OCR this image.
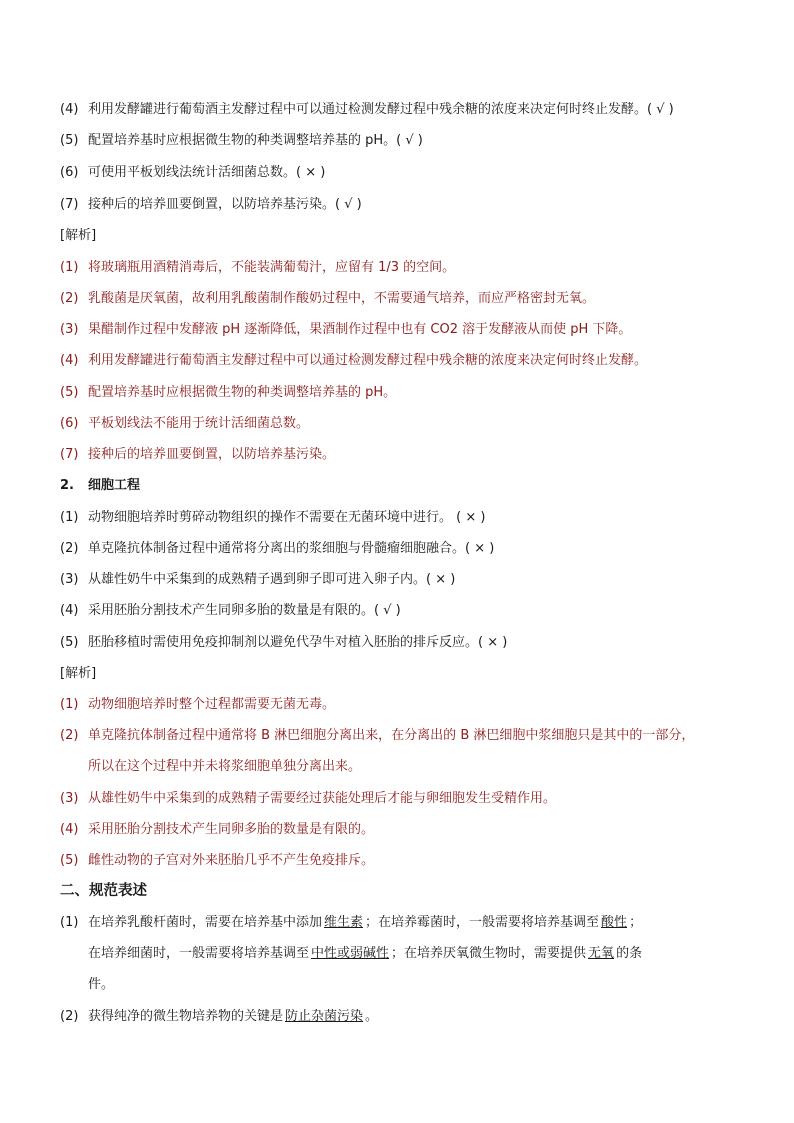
(4) 利用发酵罐进行葡萄酒主发酵过程中可以通过检测发酵过程中残余糖的浓度来决定何时终止发酵。( √ )
(5) 配置培养基时应根据微生物的种类调整培养基的 pH。( √ )
(6) 可使用平板划线法统计活细菌总数。( × )
(7) 接种后的培养皿要倒置，以防培养基污染。( √ )
[解析]
(1) 将玻璃瓶用酒精消毒后，不能装满葡萄汁，应留有 1/3 的空间。
(2) 乳酸菌是厌氧菌，故利用乳酸菌制作酸奶过程中，不需要通气培养，而应严格密封无氧。
(3) 果醋制作过程中发酵液 pH 逐渐降低，果酒制作过程中也有 CO2 溶于发酵液从而使 pH 下降。
(4) 利用发酵罐进行葡萄酒主发酵过程中可以通过检测发酵过程中残余糖的浓度来决定何时终止发酵。
(5) 配置培养基时应根据微生物的种类调整培养基的 pH。
(6) 平板划线法不能用于统计活细菌总数。
(7) 接种后的培养皿要倒置，以防培养基污染。
2. 细胞工程
(1) 动物细胞培养时剪碎动物组织的操作不需要在无菌环境中进行。 ( × )
(2) 单克隆抗体制备过程中通常将分离出的浆细胞与骨髓瘤细胞融合。( × )
(3) 从雄性奶牛中采集到的成熟精子遇到卵子即可进入卵子内。( × )
(4) 采用胚胎分割技术产生同卵多胎的数量是有限的。( √ )
(5) 胚胎移植时需使用免疫抑制剂以避免代孕牛对植入胚胎的排斥反应。( × )
[解析]
(1) 动物细胞培养时整个过程都需要无菌无毒。
(2) 单克隆抗体制备过程中通常将 B 淋巴细胞分离出来，在分离出的 B 淋巴细胞中浆细胞只是其中的一部分，
所以在这个过程中并未将浆细胞单独分离出来。
(3) 从雄性奶牛中采集到的成熟精子需要经过获能处理后才能与卵细胞发生受精作用。
(4) 采用胚胎分割技术产生同卵多胎的数量是有限的。
(5) 雌性动物的子宫对外来胚胎几乎不产生免疫排斥。
二、规范表述
(1) 在培养乳酸杆菌时，需要在培养基中添加 维生素 ；在培养霉菌时，一般需要将培养基调至 酸性 ；
在培养细菌时，一般需要将培养基调至 中性或弱碱性 ；在培养厌氧微生物时，需要提供 无氧 的条
件。
(2) 获得纯净的微生物培养物的关键是 防止杂菌污染 。
